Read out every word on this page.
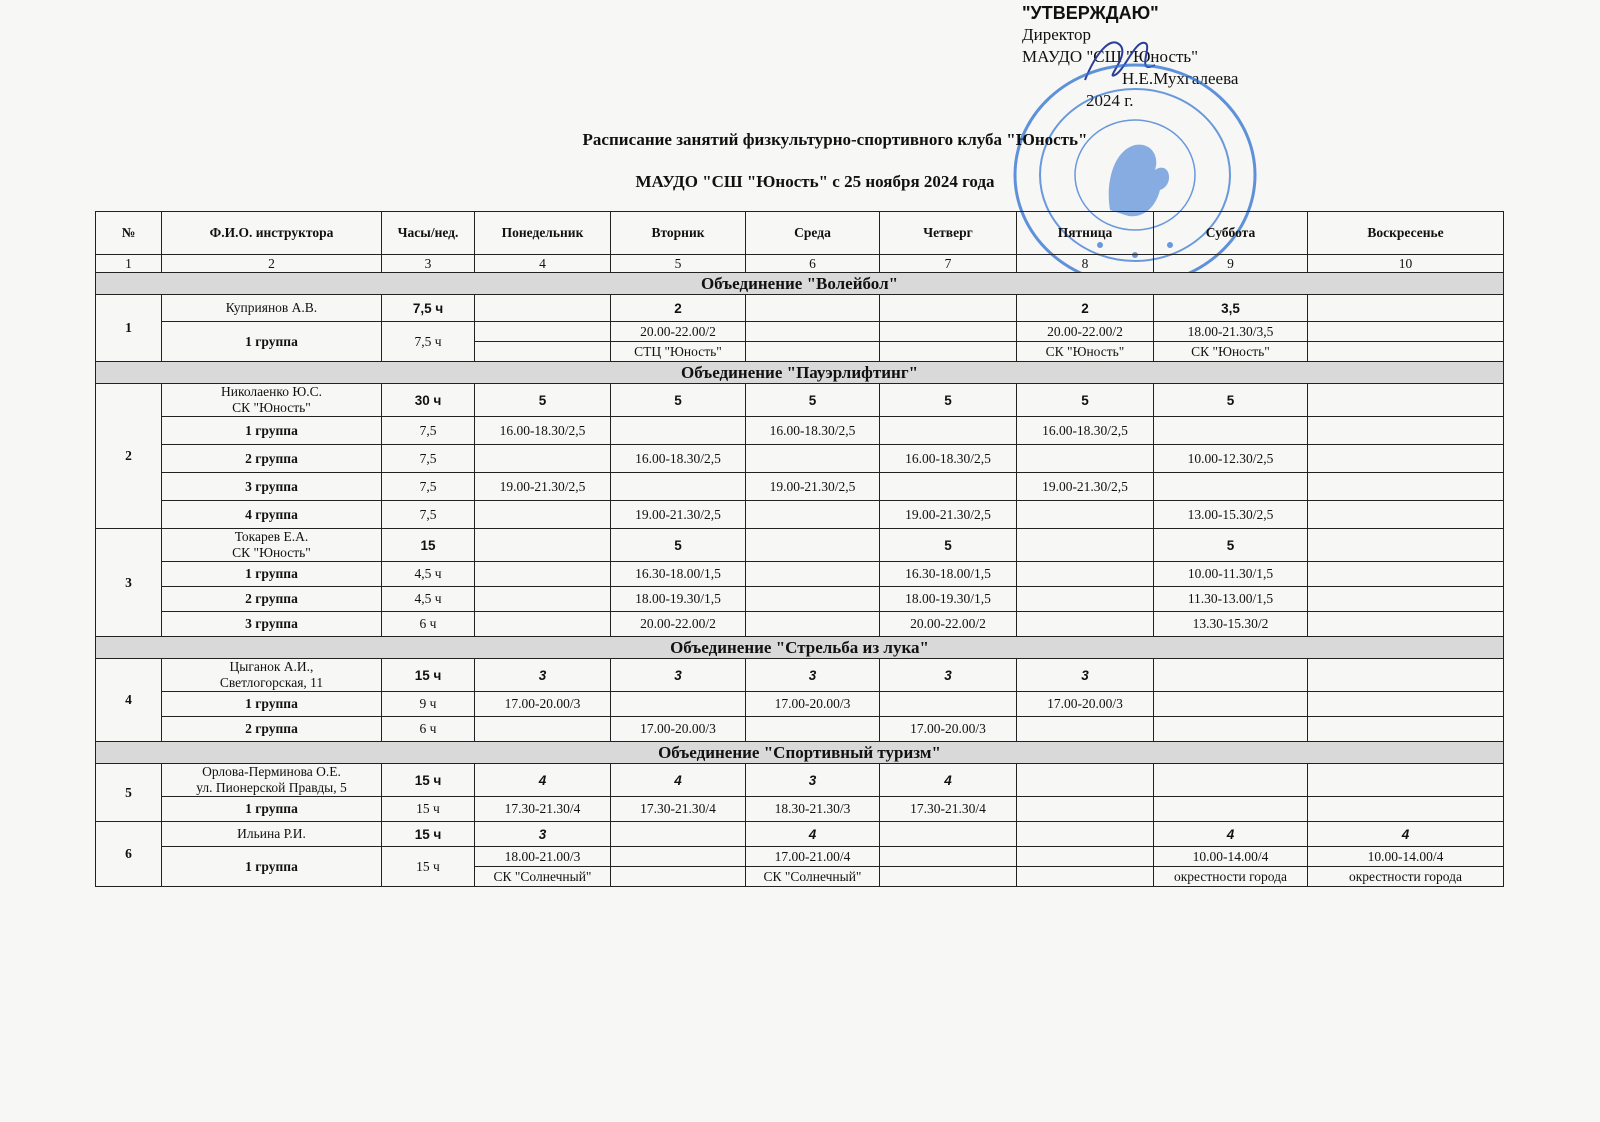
"УТВЕРЖДАЮ"
Директор
МАУДО "СШ "Юность"
Н.Е.Мухгалеева
2024 г.
Расписание занятий физкультурно-спортивного клуба "Юность"
МАУДО "СШ "Юность" с 25 ноября 2024 года
№	Ф.И.О. инструктора	Часы/нед.	Понедельник	Вторник	Среда	Четверг	Пятница	Суббота	Воскресенье
1	2	3	4	5	6	7	8	9	10
Объединение "Волейбол"									
1	Куприянов А.В.	7,5 ч		2			2	3,5	
	1 группа	7,5 ч		20.00-22.00/2			20.00-22.00/2	18.00-21.30/3,5	
				СТЦ "Юность"			СК "Юность"	СК "Юность"	
Объединение "Пауэрлифтинг"									
2	Николаенко Ю.С.
СК "Юность"	30 ч	5	5	5	5	5	5	
	1 группа	7,5	16.00-18.30/2,5		16.00-18.30/2,5		16.00-18.30/2,5		
	2 группа	7,5		16.00-18.30/2,5		16.00-18.30/2,5		10.00-12.30/2,5	
	3 группа	7,5	19.00-21.30/2,5		19.00-21.30/2,5		19.00-21.30/2,5		
	4 группа	7,5		19.00-21.30/2,5		19.00-21.30/2,5		13.00-15.30/2,5	
3	Токарев Е.А.
СК "Юность"	15		5		5		5	
	1 группа	4,5 ч		16.30-18.00/1,5		16.30-18.00/1,5		10.00-11.30/1,5	
	2 группа	4,5 ч		18.00-19.30/1,5		18.00-19.30/1,5		11.30-13.00/1,5	
	3 группа	6 ч		20.00-22.00/2		20.00-22.00/2		13.30-15.30/2	
Объединение "Стрельба из лука"									
4	Цыганок А.И.,
Светлогорская, 11	15 ч	3	3	3	3	3		
	1 группа	9 ч	17.00-20.00/3		17.00-20.00/3		17.00-20.00/3		
	2 группа	6 ч		17.00-20.00/3		17.00-20.00/3			
Объединение "Спортивный туризм"									
5	Орлова-Перминова О.Е.
ул. Пионерской Правды, 5	15 ч	4	4	3	4			
	1 группа	15 ч	17.30-21.30/4	17.30-21.30/4	18.30-21.30/3	17.30-21.30/4			
6	Ильина Р.И.	15 ч	3		4			4	4
	1 группа	15 ч	18.00-21.00/3		17.00-21.00/4			10.00-14.00/4	10.00-14.00/4
			СК "Солнечный"		СК "Солнечный"			окрестности города	окрестности города
